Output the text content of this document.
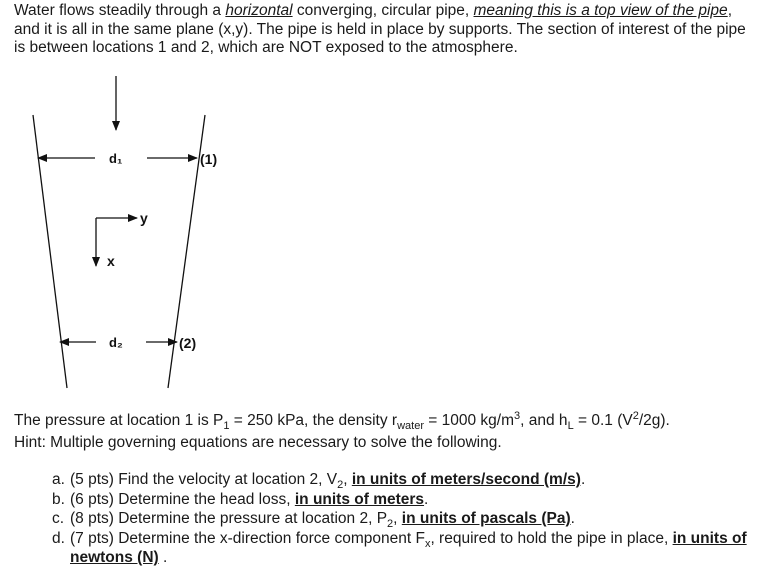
Water flows steadily through a horizontal converging, circular pipe, meaning this is a top view of the pipe, and it is all in the same plane (x,y). The pipe is held in place by supports. The section of interest of the pipe is between locations 1 and 2, which are NOT exposed to the atmosphere.
d₁	(1)
y
x
d₂	(2)
The pressure at location 1 is $P_1 = 250$ kPa, the density $r_{water} = 1000$ $kg/m^3$, and $h_L = 0.1$ $(V^2/2g)$.
Hint: Multiple governing equations are necessary to solve the following.
a. (5 pts) Find the velocity at location 2, $V_2$, in units of meters/second (m/s).
b. (6 pts) Determine the head loss, in units of meters.
c. (8 pts) Determine the pressure at location 2, $P_2$, in units of pascals (Pa).
d. (7 pts) Determine the x-direction force component $F_x$, required to hold the pipe in place, in units of newtons (N) .
